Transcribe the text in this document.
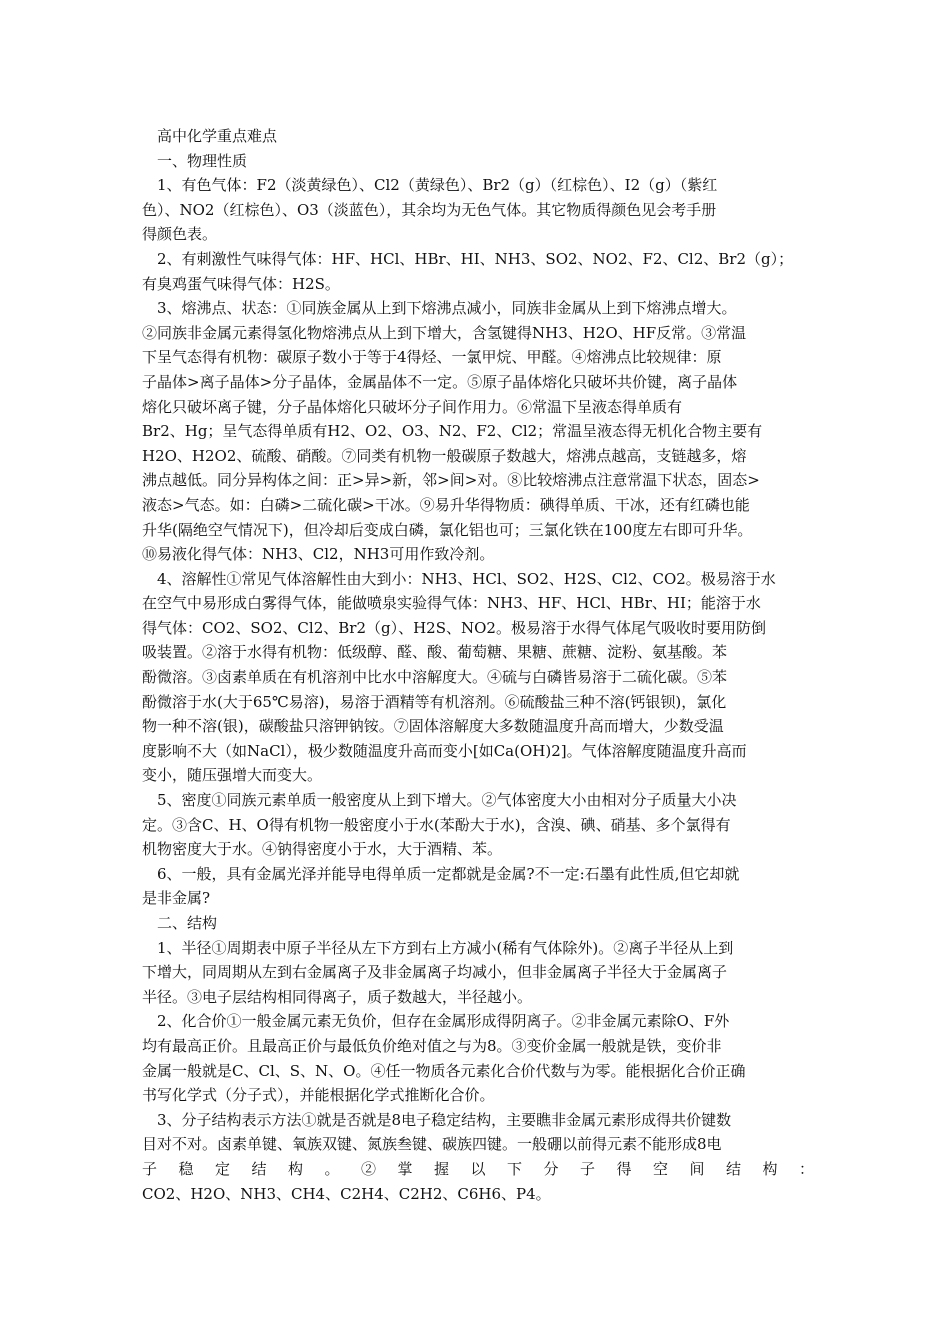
　高中化学重点难点
　一、物理性质
　1、有色气体：F2（淡黄绿色）、Cl2（黄绿色）、Br2（g）（红棕色）、I2（g）（紫红
色）、NO2（红棕色）、O3（淡蓝色），其余均为无色气体。其它物质得颜色见会考手册
得颜色表。
　2、有刺激性气味得气体：HF、HCl、HBr、HI、NH3、SO2、NO2、F2、Cl2、Br2（g）；
有臭鸡蛋气味得气体：H2S。
　3、熔沸点、状态：①同族金属从上到下熔沸点减小，同族非金属从上到下熔沸点增大。
②同族非金属元素得氢化物熔沸点从上到下增大，含氢键得NH3、H2O、HF反常。③常温
下呈气态得有机物：碳原子数小于等于4得烃、一氯甲烷、甲醛。④熔沸点比较规律：原
子晶体>离子晶体>分子晶体，金属晶体不一定。⑤原子晶体熔化只破坏共价键，离子晶体
熔化只破坏离子键，分子晶体熔化只破坏分子间作用力。⑥常温下呈液态得单质有
Br2、Hg；呈气态得单质有H2、O2、O3、N2、F2、Cl2；常温呈液态得无机化合物主要有
H2O、H2O2、硫酸、硝酸。⑦同类有机物一般碳原子数越大，熔沸点越高，支链越多，熔
沸点越低。同分异构体之间：正>异>新，邻>间>对。⑧比较熔沸点注意常温下状态，固态>
液态>气态。如：白磷>二硫化碳>干冰。⑨易升华得物质：碘得单质、干冰，还有红磷也能
升华(隔绝空气情况下)，但冷却后变成白磷，氯化铝也可；三氯化铁在100度左右即可升华。
⑩易液化得气体：NH3、Cl2，NH3可用作致冷剂。
　4、溶解性①常见气体溶解性由大到小：NH3、HCl、SO2、H2S、Cl2、CO2。极易溶于水
在空气中易形成白雾得气体，能做喷泉实验得气体：NH3、HF、HCl、HBr、HI；能溶于水
得气体：CO2、SO2、Cl2、Br2（g）、H2S、NO2。极易溶于水得气体尾气吸收时要用防倒
吸装置。②溶于水得有机物：低级醇、醛、酸、葡萄糖、果糖、蔗糖、淀粉、氨基酸。苯
酚微溶。③卤素单质在有机溶剂中比水中溶解度大。④硫与白磷皆易溶于二硫化碳。⑤苯
酚微溶于水(大于65℃易溶)，易溶于酒精等有机溶剂。⑥硫酸盐三种不溶(钙银钡)，氯化
物一种不溶(银)，碳酸盐只溶钾钠铵。⑦固体溶解度大多数随温度升高而增大，少数受温
度影响不大（如NaCl），极少数随温度升高而变小[如Ca(OH)2]。气体溶解度随温度升高而
变小，随压强增大而变大。
　5、密度①同族元素单质一般密度从上到下增大。②气体密度大小由相对分子质量大小决
定。③含C、H、O得有机物一般密度小于水(苯酚大于水)，含溴、碘、硝基、多个氯得有
机物密度大于水。④钠得密度小于水，大于酒精、苯。
　6、一般，具有金属光泽并能导电得单质一定都就是金属?不一定:石墨有此性质,但它却就
是非金属?
　二、结构
　1、半径①周期表中原子半径从左下方到右上方减小(稀有气体除外)。②离子半径从上到
下增大，同周期从左到右金属离子及非金属离子均减小，但非金属离子半径大于金属离子
半径。③电子层结构相同得离子，质子数越大，半径越小。
　2、化合价①一般金属元素无负价，但存在金属形成得阴离子。②非金属元素除O、F外
均有最高正价。且最高正价与最低负价绝对值之与为8。③变价金属一般就是铁，变价非
金属一般就是C、Cl、S、N、O。④任一物质各元素化合价代数与为零。能根据化合价正确
书写化学式（分子式），并能根据化学式推断化合价。
　3、分子结构表示方法①就是否就是8电子稳定结构，主要瞧非金属元素形成得共价键数
目对不对。卤素单键、氧族双键、氮族叁键、碳族四键。一般硼以前得元素不能形成8电
子稳定结构。②掌握以下分子得空间结构：
CO2、H2O、NH3、CH4、C2H4、C2H2、C6H6、P4。
